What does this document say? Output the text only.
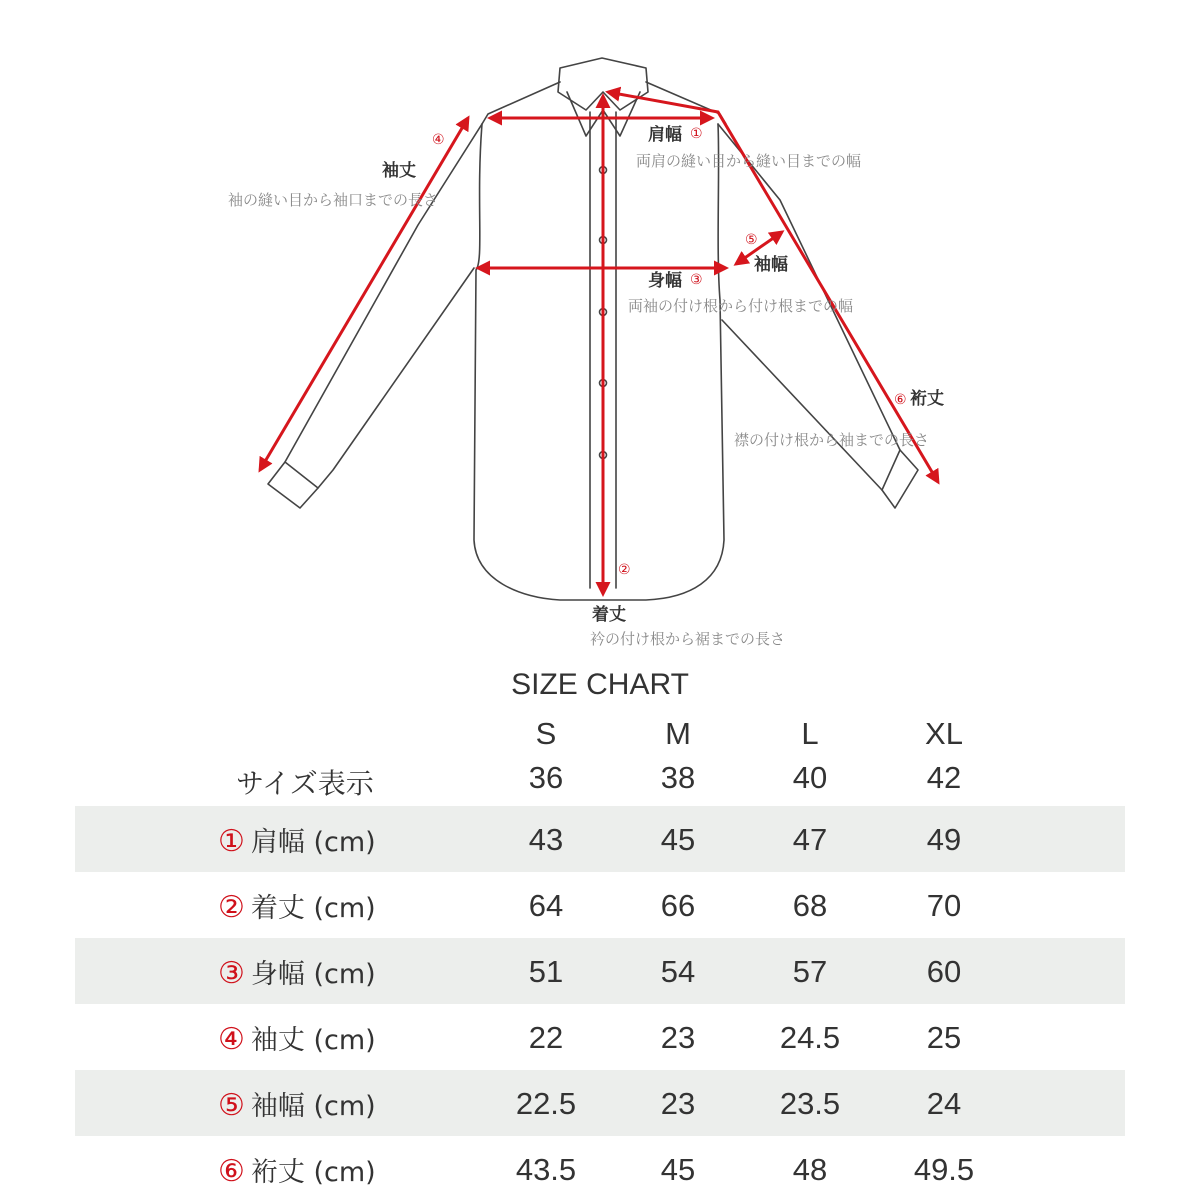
肩幅 ①
両肩の縫い目から縫い目までの幅
④
袖丈
袖の縫い目から袖口までの長さ
⑤
袖幅
身幅 ③
両袖の付け根から付け根までの幅
⑥ 裄丈
襟の付け根から袖までの長さ
②
着丈
衿の付け根から裾までの長さ
SIZE CHART
S	M	L	XL
サイズ表示	36	38	40	42
① 肩幅 (cm)	43	45	47	49
② 着丈 (cm)	64	66	68	70
③ 身幅 (cm)	51	54	57	60
④ 袖丈 (cm)	22	23	24.5	25
⑤ 袖幅 (cm)	22.5	23	23.5	24
⑥ 裄丈 (cm)	43.5	45	48	49.5
